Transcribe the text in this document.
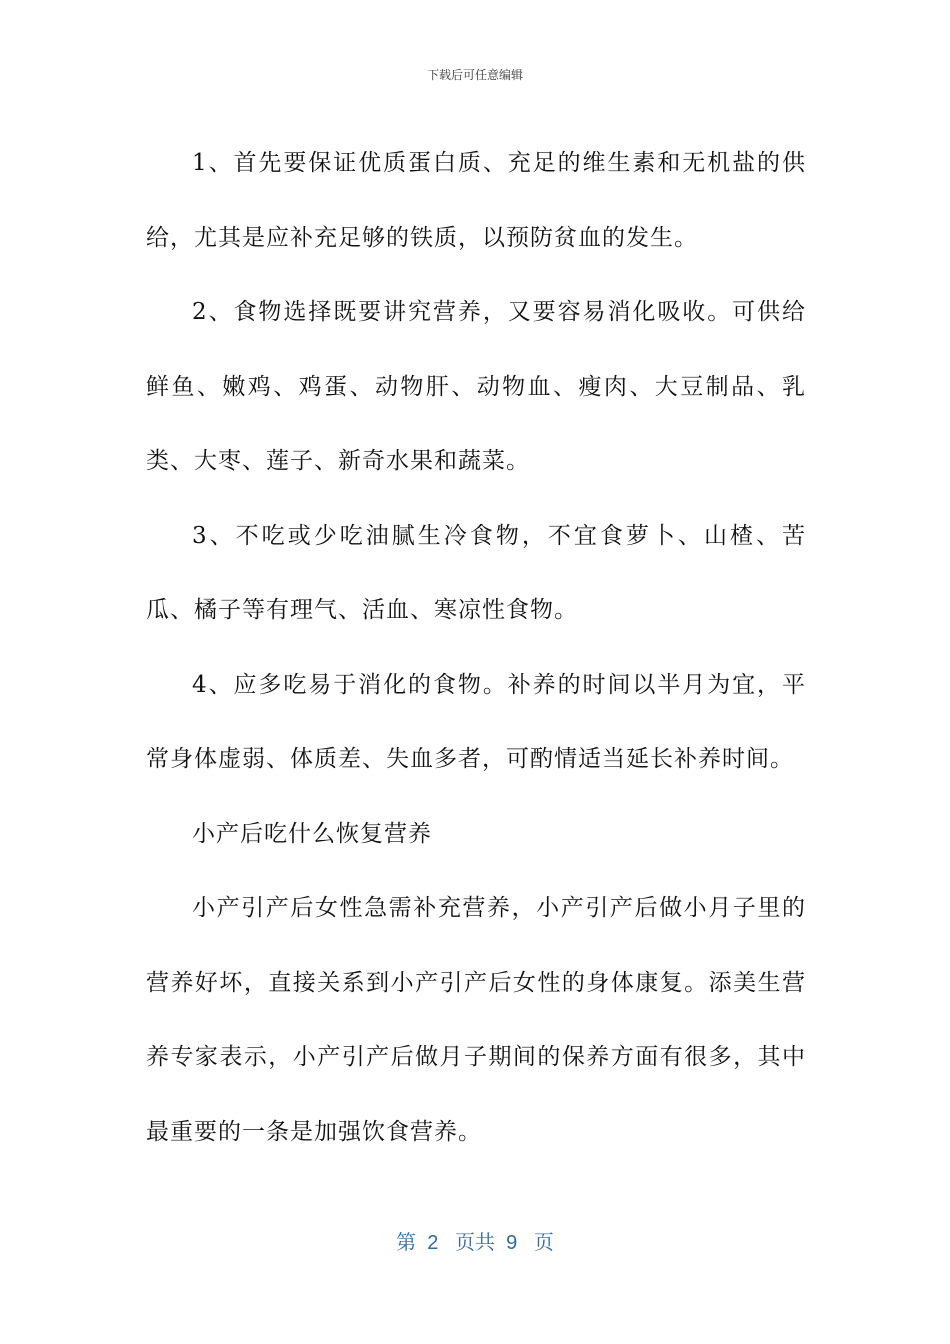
下载后可任意编辑

1、首先要保证优质蛋白质、充足的维生素和无机盐的供给，尤其是应补充足够的铁质，以预防贫血的发生。

2、食物选择既要讲究营养，又要容易消化吸收。可供给鲜鱼、嫩鸡、鸡蛋、动物肝、动物血、瘦肉、大豆制品、乳类、大枣、莲子、新奇水果和蔬菜。

3、不吃或少吃油腻生冷食物，不宜食萝卜、山楂、苦瓜、橘子等有理气、活血、寒凉性食物。

4、应多吃易于消化的食物。补养的时间以半月为宜，平常身体虚弱、体质差、失血多者，可酌情适当延长补养时间。

小产后吃什么恢复营养

小产引产后女性急需补充营养，小产引产后做小月子里的营养好坏，直接关系到小产引产后女性的身体康复。添美生营养专家表示，小产引产后做月子期间的保养方面有很多，其中最重要的一条是加强饮食营养。

第 2 页共 9 页
